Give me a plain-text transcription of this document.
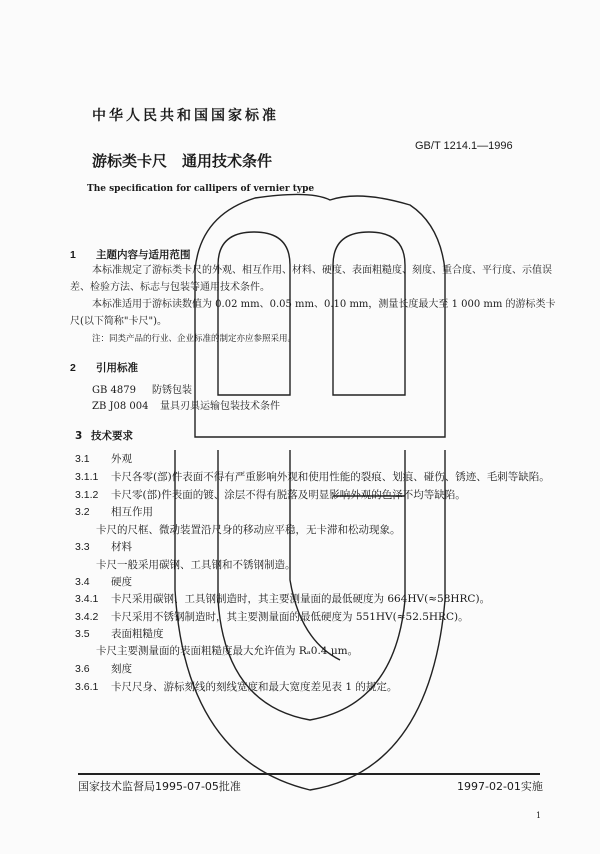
中华人民共和国国家标准
GB/T 1214.1—1996
游标类卡尺　通用技术条件
The specification for callipers of vernier type
1 主题内容与适用范围
本标准规定了游标类卡尺的外观、相互作用、材料、硬度、表面粗糙度、刻度、重合度、平行度、示值误
差、检验方法、标志与包装等通用技术条件。
本标准适用于游标读数值为 0.02 mm、0.05 mm、0.10 mm，测量长度最大至 1 000 mm 的游标类卡
尺(以下简称"卡尺")。
注：同类产品的行业、企业标准的制定亦应参照采用。
2 引用标准
GB 4879 防锈包装
ZB J08 004 量具刃具运输包装技术条件
3 技术要求
3.1 外观
3.1.1 卡尺各零(部)件表面不得有严重影响外观和使用性能的裂痕、划痕、碰伤、锈迹、毛刺等缺陷。
3.1.2 卡尺零(部)件表面的镀、涂层不得有脱落及明显影响外观的色泽不均等缺陷。
3.2 相互作用
卡尺的尺框、微动装置沿尺身的移动应平稳，无卡滞和松动现象。
3.3 材料
卡尺一般采用碳钢、工具钢和不锈钢制造。
3.4 硬度
3.4.1 卡尺采用碳钢、工具钢制造时，其主要测量面的最低硬度为 664HV(≈58HRC)。
3.4.2 卡尺采用不锈钢制造时，其主要测量面的最低硬度为 551HV(≈52.5HRC)。
3.5 表面粗糙度
卡尺主要测量面的表面粗糙度最大允许值为 Rₐ0.4 μm。
3.6 刻度
3.6.1 卡尺尺身、游标刻线的刻线宽度和最大宽度差见表 1 的规定。
国家技术监督局1995-07-05批准	1997-02-01实施
1
